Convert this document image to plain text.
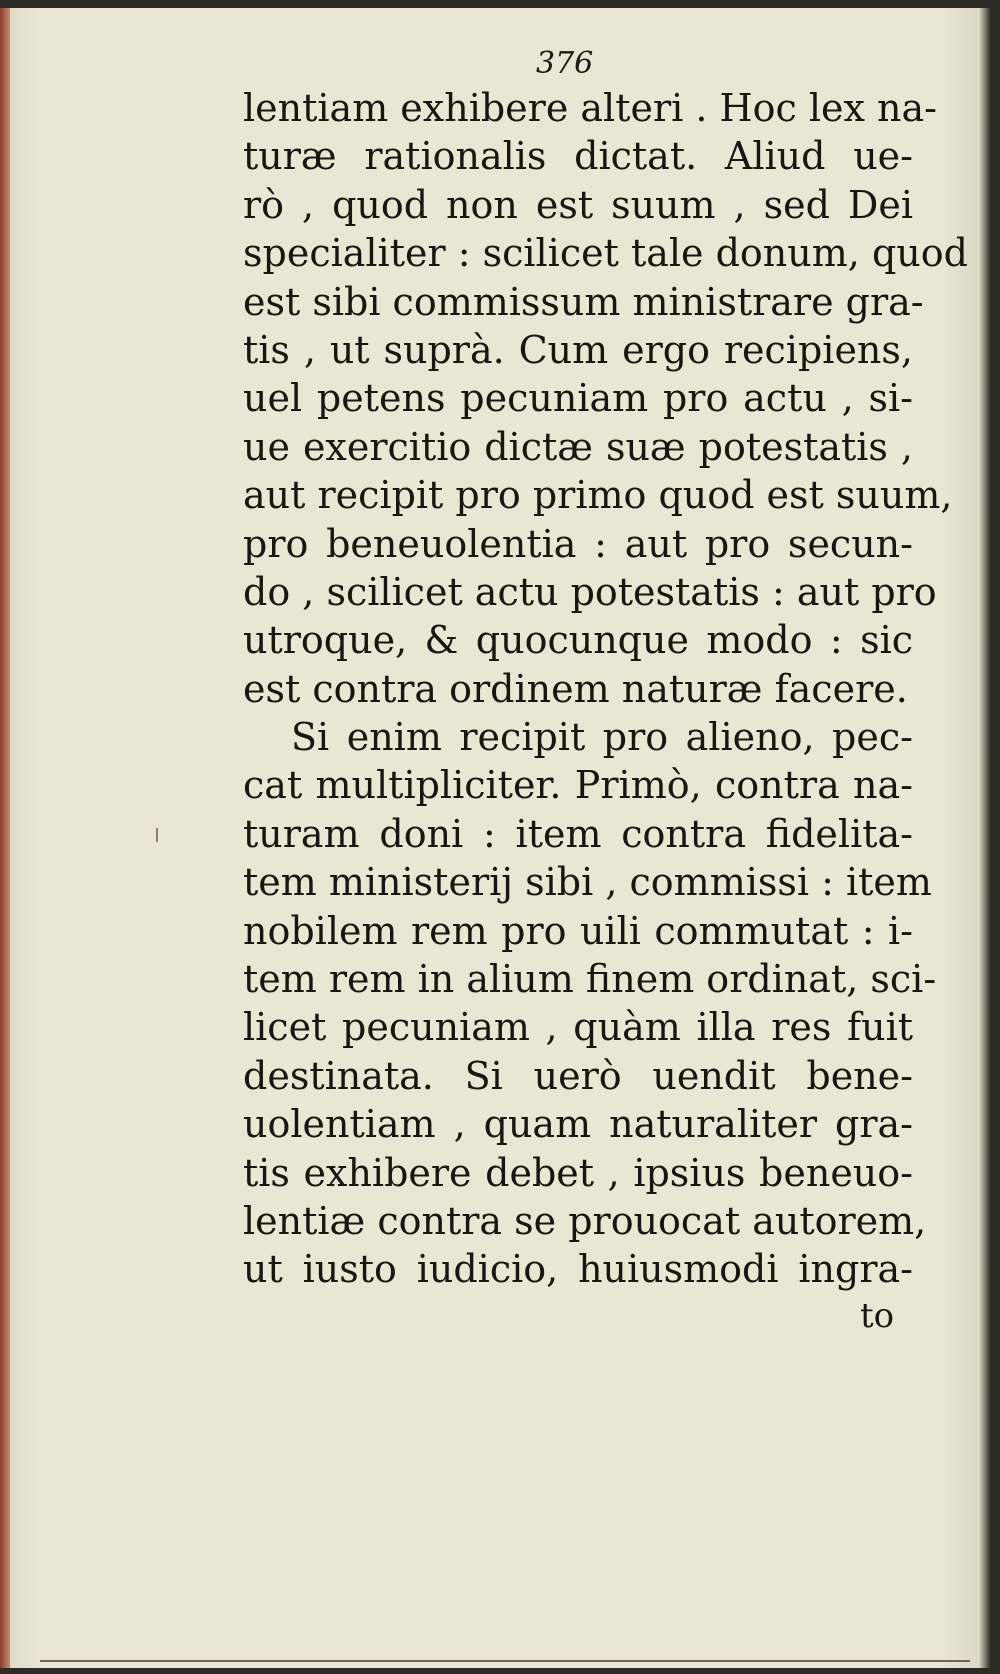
376
lentiam exhibere alteri . Hoc lex na-
turæ rationalis dictat. Aliud ue-
rò , quod non est suum , sed Dei
specialiter : scilicet tale donum, quod
est sibi commissum ministrare gra-
tis , ut suprà. Cum ergo recipiens,
uel petens pecuniam pro actu , si-
ue exercitio dictæ suæ potestatis ,
aut recipit pro primo quod est suum,
pro beneuolentia : aut pro secun-
do , scilicet actu potestatis : aut pro
utroque, & quocunque modo : sic
est contra ordinem naturæ facere.
Si enim recipit pro alieno, pec-
cat multipliciter. Primò, contra na-
turam doni : item contra fidelita-
tem ministerij sibi , commissi : item
nobilem rem pro uili commutat : i-
tem rem in alium finem ordinat, sci-
licet pecuniam , quàm illa res fuit
destinata. Si uerò uendit bene-
uolentiam , quam naturaliter gra-
tis exhibere debet , ipsius beneuo-
lentiæ contra se prouocat autorem,
ut iusto iudicio, huiusmodi ingra-
to
